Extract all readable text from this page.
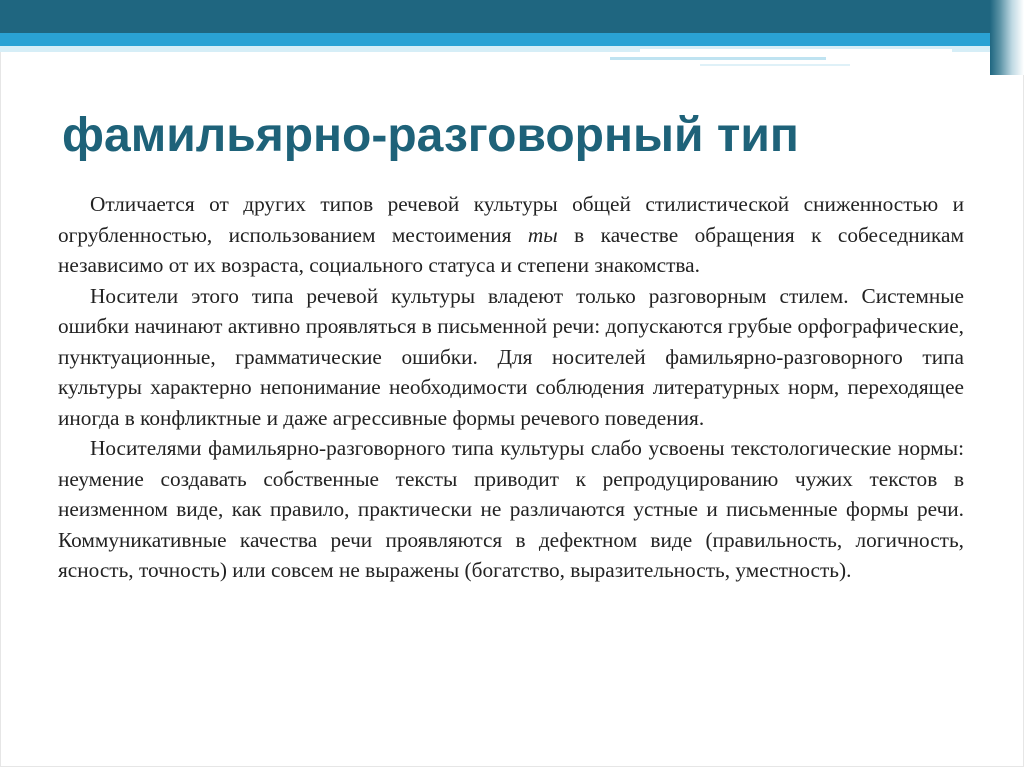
фамильярно-разговорный тип

Отличается от других типов речевой культуры общей стилистической сниженностью и огрубленностью, использованием местоимения ты в качестве обращения к собеседникам независимо от их возраста, социального статуса и степени знакомства.

Носители этого типа речевой культуры владеют только разговорным стилем. Системные ошибки начинают активно проявляться в письменной речи: допускаются грубые орфографические, пунктуационные, грамматические ошибки. Для носителей фамильярно-разговорного типа культуры характерно непонимание необходимости соблюдения литературных норм, переходящее иногда в конфликтные и даже агрессивные формы речевого поведения.

Носителями фамильярно-разговорного типа культуры слабо усвоены текстологические нормы: неумение создавать собственные тексты приводит к репродуцированию чужих текстов в неизменном виде, как правило, практически не различаются устные и письменные формы речи. Коммуникативные качества речи проявляются в дефектном виде (правильность, логичность, ясность, точность) или совсем не выражены (богатство, выразительность, уместность).
